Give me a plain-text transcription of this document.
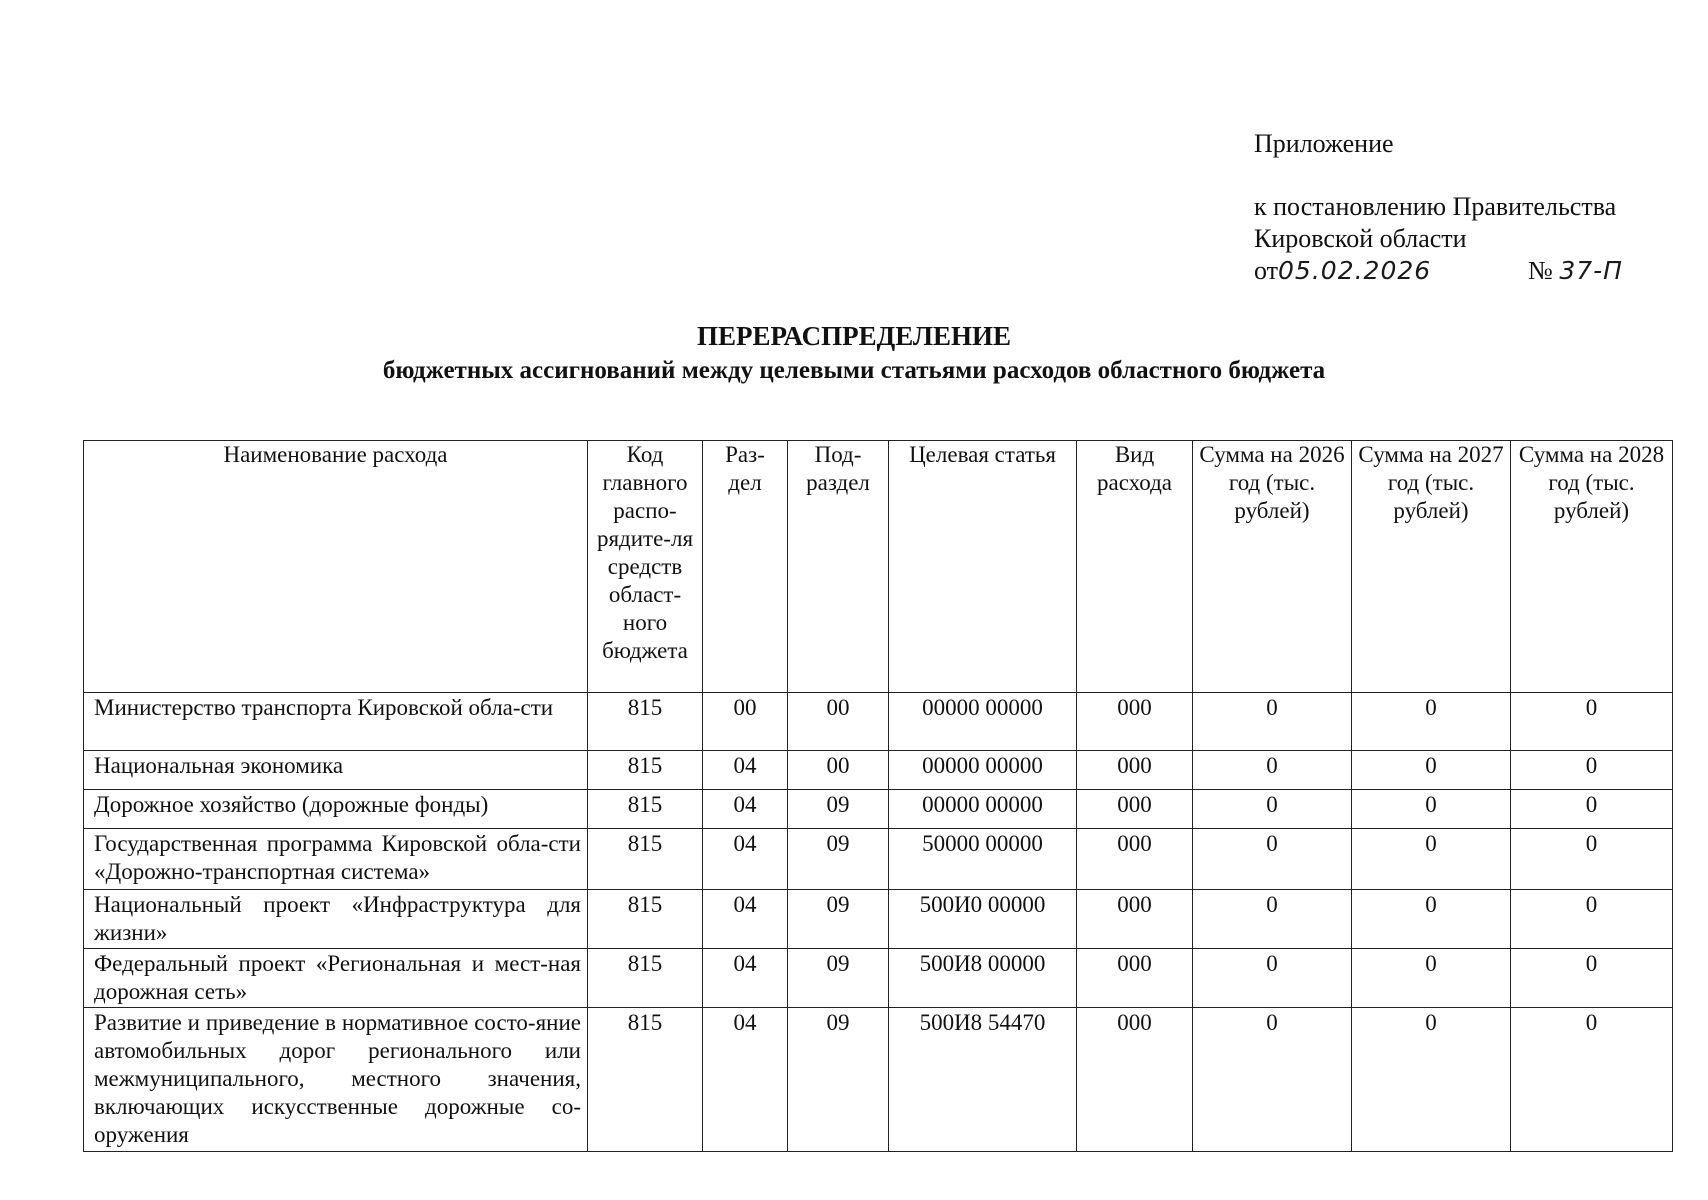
Приложение
к постановлению Правительства
Кировской области
от05.02.2026	№ 37-П
ПЕРЕРАСПРЕДЕЛЕНИЕ
бюджетных ассигнований между целевыми статьями расходов областного бюджета
Наименование расхода	Код главного распо-рядите-ля средств област-ного бюджета	Раз-дел	Под-раздел	Целевая статья	Вид расхода	Сумма на 2026 год (тыс. рублей)	Сумма на 2027 год (тыс. рублей)	Сумма на 2028 год (тыс. рублей)
Министерство транспорта Кировской обла-сти	815	00	00	00000 00000	000	0	0	0
Национальная экономика	815	04	00	00000 00000	000	0	0	0
Дорожное хозяйство (дорожные фонды)	815	04	09	00000 00000	000	0	0	0
Государственная программа Кировской обла-сти «Дорожно-транспортная система»	815	04	09	50000 00000	000	0	0	0
Национальный проект «Инфраструктура для жизни»	815	04	09	500И0 00000	000	0	0	0
Федеральный проект «Региональная и мест-ная дорожная сеть»	815	04	09	500И8 00000	000	0	0	0
Развитие и приведение в нормативное состо-яние автомобильных дорог регионального или межмуниципального, местного значения, включающих искусственные дорожные со-оружения	815	04	09	500И8 54470	000	0	0	0
